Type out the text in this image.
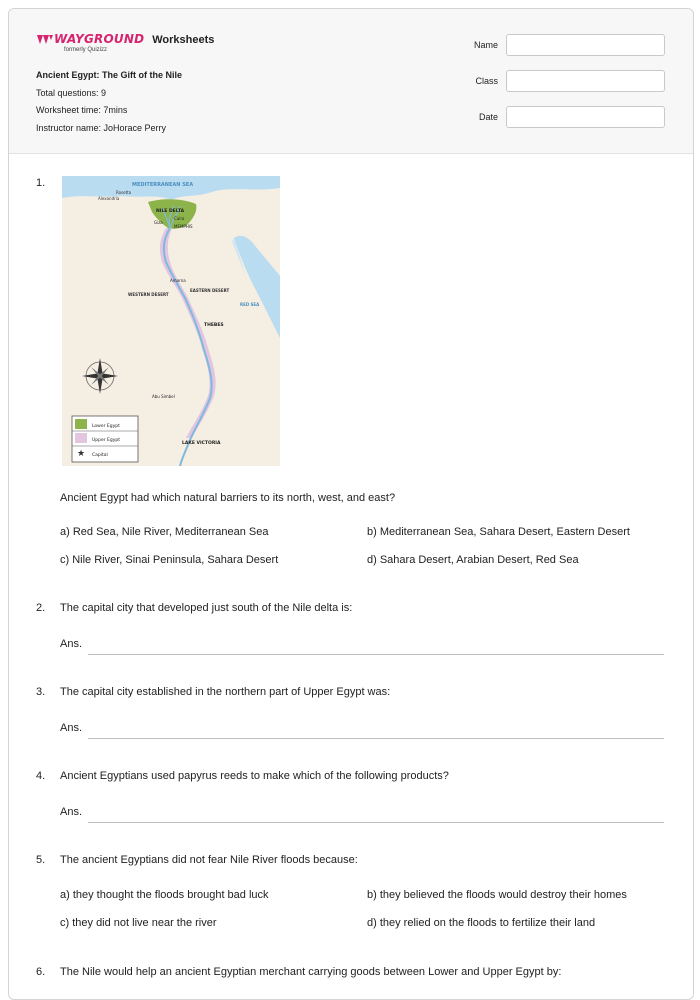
WAYGROUND
formerly Quizizz
Worksheets
Ancient Egypt: The Gift of the Nile
Total questions: 9
Worksheet time: 7mins
Instructor name: JoHorace Perry
Name
Class
Date
1.	MEDITERRANEAN SEA
Rosetta
Alexandria
NILE DELTA
Giza
Cairo
MEMPHIS
Amarna
WESTERN DESERT
EASTERN DESERT
RED SEA
THEBES
Abu Simbel
LAKE VICTORIA
★
Lower Egypt
Upper Egypt
Capital
Ancient Egypt had which natural barriers to its north, west, and east?
a) Red Sea, Nile River, Mediterranean Sea	b) Mediterranean Sea, Sahara Desert, Eastern Desert
c) Nile River, Sinai Peninsula, Sahara Desert	d) Sahara Desert, Arabian Desert, Red Sea
2.	The capital city that developed just south of the Nile delta is:
Ans.
3.	The capital city established in the northern part of Upper Egypt was:
Ans.
4.	Ancient Egyptians used papyrus reeds to make which of the following products?
Ans.
5.	The ancient Egyptians did not fear Nile River floods because:
a) they thought the floods brought bad luck	b) they believed the floods would destroy their homes
c) they did not live near the river	d) they relied on the floods to fertilize their land
6.	The Nile would help an ancient Egyptian merchant carrying goods between Lower and Upper Egypt by:
